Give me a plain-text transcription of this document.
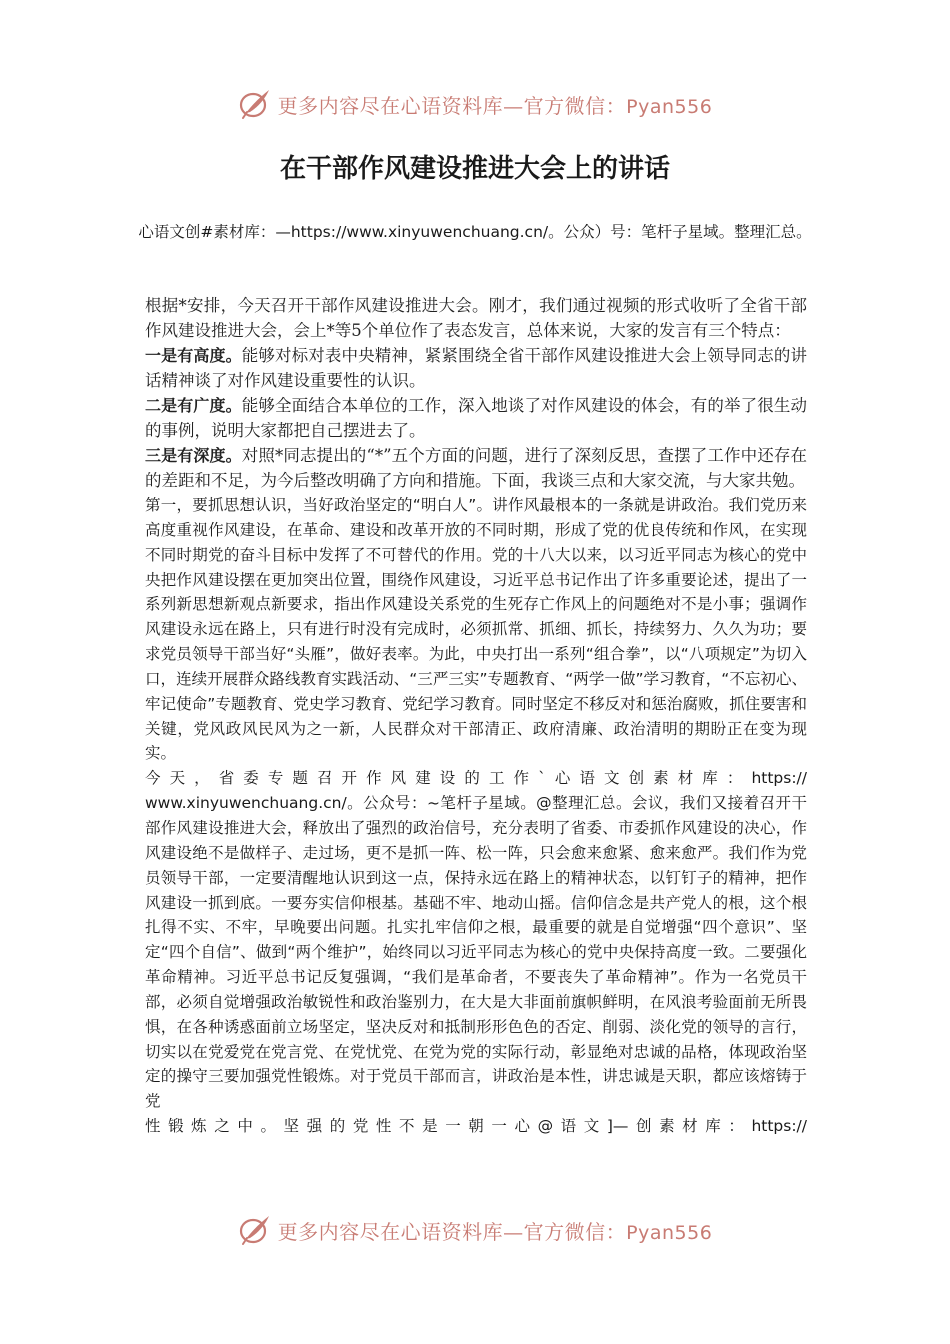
更多内容尽在心语资料库—官方微信：Pyan556
在干部作风建设推进大会上的讲话
心语文创#素材库：—https://www.xinyuwenchuang.cn/。公众）号：笔杆子星域。整理汇总。

根据*安排，今天召开干部作风建设推进大会。刚才，我们通过视频的形式收听了全省干部作风建设推进大会，会上*等5个单位作了表态发言，总体来说，大家的发言有三个特点：

一是有高度。能够对标对表中央精神，紧紧围绕全省干部作风建设推进大会上领导同志的讲话精神谈了对作风建设重要性的认识。

二是有广度。能够全面结合本单位的工作，深入地谈了对作风建设的体会，有的举了很生动的事例，说明大家都把自己摆进去了。

三是有深度。对照*同志提出的“*”五个方面的问题，进行了深刻反思，查摆了工作中还存在的差距和不足，为今后整改明确了方向和措施。下面，我谈三点和大家交流，与大家共勉。

第一，要抓思想认识，当好政治坚定的“明白人”。讲作风最根本的一条就是讲政治。我们党历来高度重视作风建设，在革命、建设和改革开放的不同时期，形成了党的优良传统和作风，在实现不同时期党的奋斗目标中发挥了不可替代的作用。党的十八大以来，以习近平同志为核心的党中央把作风建设摆在更加突出位置，围绕作风建设，习近平总书记作出了许多重要论述，提出了一系列新思想新观点新要求，指出作风建设关系党的生死存亡作风上的问题绝对不是小事；强调作风建设永远在路上，只有进行时没有完成时，必须抓常、抓细、抓长，持续努力、久久为功；要求党员领导干部当好“头雁”，做好表率。为此，中央打出一系列“组合拳”，以“八项规定”为切入口，连续开展群众路线教育实践活动、“三严三实”专题教育、“两学一做”学习教育，“不忘初心、牢记使命”专题教育、党史学习教育、党纪学习教育。同时坚定不移反对和惩治腐败，抓住要害和关键，党风政风民风为之一新，人民群众对干部清正、政府清廉、政治清明的期盼正在变为现实。

今天，省委专题召开作风建设的工作`心语文创素材库：https://

www.xinyuwenchuang.cn/。公众号：~笔杆子星域。@整理汇总。会议，我们又接着召开干部作风建设推进大会，释放出了强烈的政治信号，充分表明了省委、市委抓作风建设的决心，作风建设绝不是做样子、走过场，更不是抓一阵、松一阵，只会愈来愈紧、愈来愈严。我们作为党员领导干部，一定要清醒地认识到这一点，保持永远在路上的精神状态，以钉钉子的精神，把作风建设一抓到底。一要夯实信仰根基。基础不牢、地动山摇。信仰信念是共产党人的根，这个根扎得不实、不牢，早晚要出问题。扎实扎牢信仰之根，最重要的就是自觉增强“四个意识”、坚定“四个自信”、做到“两个维护”，始终同以习近平同志为核心的党中央保持高度一致。二要强化革命精神。习近平总书记反复强调，“我们是革命者，不要丧失了革命精神”。作为一名党员干部，必须自觉增强政治敏锐性和政治鉴别力，在大是大非面前旗帜鲜明，在风浪考验面前无所畏惧，在各种诱惑面前立场坚定，坚决反对和抵制形形色色的否定、削弱、淡化党的领导的言行，切实以在党爱党在党言党、在党忧党、在党为党的实际行动，彰显绝对忠诚的品格，体现政治坚定的操守三要加强党性锻炼。对于党员干部而言，讲政治是本性，讲忠诚是天职，都应该熔铸于党

性锻炼之中。坚强的党性不是一朝一心@语文]—创素材库：https://

更多内容尽在心语资料库—官方微信：Pyan556
